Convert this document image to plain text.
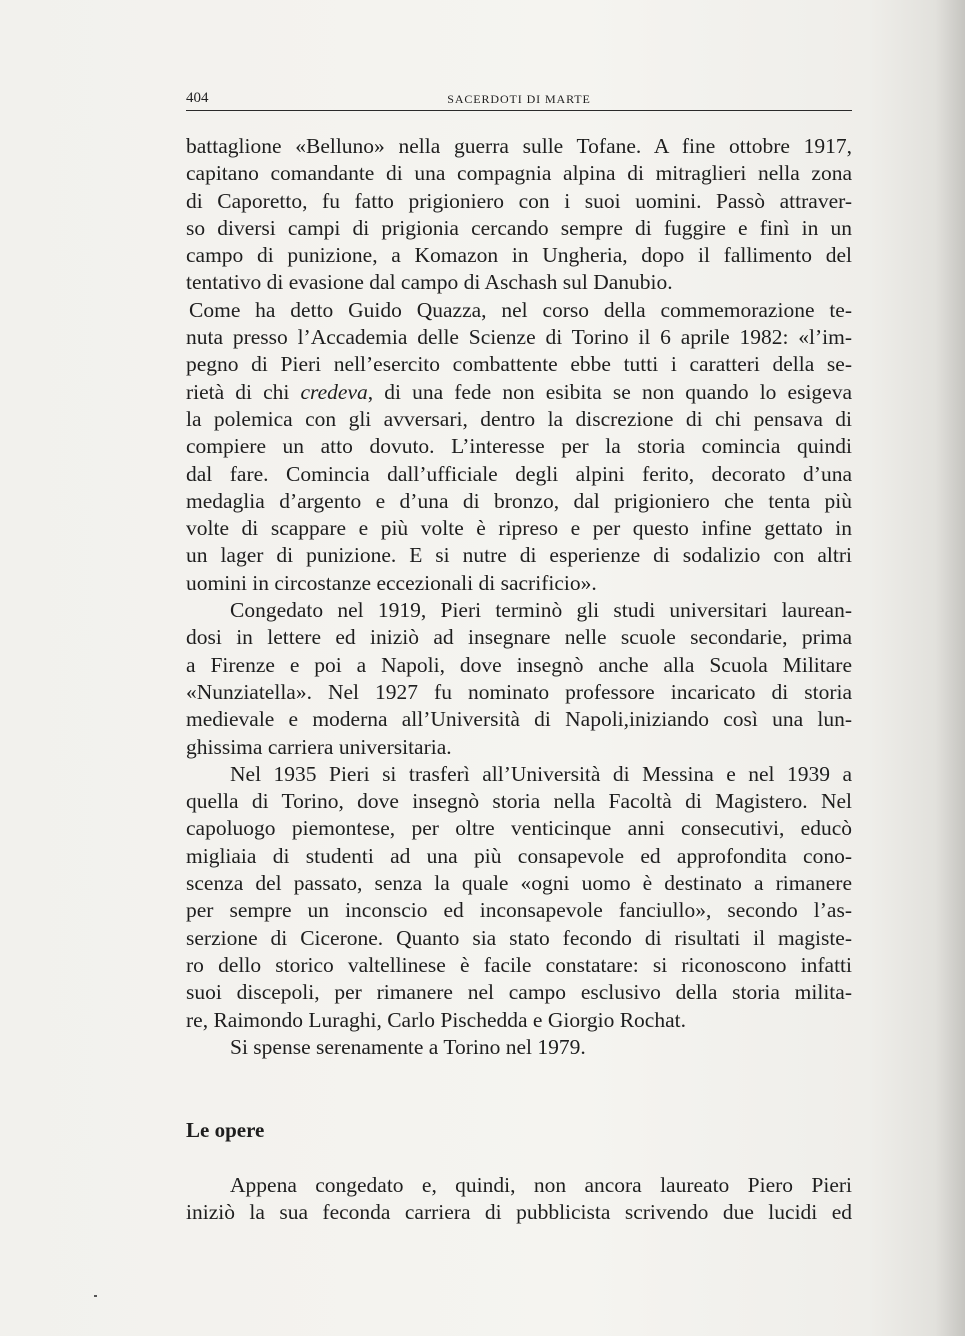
404	SACERDOTI DI MARTE
battaglione «Belluno» nella guerra sulle Tofane. A fine ottobre 1917,
capitano comandante di una compagnia alpina di mitraglieri nella zona
di Caporetto, fu fatto prigioniero con i suoi uomini. Passò attraver-
so diversi campi di prigionia cercando sempre di fuggire e finì in un
campo di punizione, a Komazon in Ungheria, dopo il fallimento del
tentativo di evasione dal campo di Aschash sul Danubio.
Come ha detto Guido Quazza, nel corso della commemorazione te-
nuta presso l’Accademia delle Scienze di Torino il 6 aprile 1982: «l’im-
pegno di Pieri nell’esercito combattente ebbe tutti i caratteri della se-
rietà di chi credeva, di una fede non esibita se non quando lo esigeva
la polemica con gli avversari, dentro la discrezione di chi pensava di
compiere un atto dovuto. L’interesse per la storia comincia quindi
dal fare. Comincia dall’ufficiale degli alpini ferito, decorato d’una
medaglia d’argento e d’una di bronzo, dal prigioniero che tenta più
volte di scappare e più volte è ripreso e per questo infine gettato in
un lager di punizione. E si nutre di esperienze di sodalizio con altri
uomini in circostanze eccezionali di sacrificio».
Congedato nel 1919, Pieri terminò gli studi universitari laurean-
dosi in lettere ed iniziò ad insegnare nelle scuole secondarie, prima
a Firenze e poi a Napoli, dove insegnò anche alla Scuola Militare
«Nunziatella». Nel 1927 fu nominato professore incaricato di storia
medievale e moderna all’Università di Napoli,iniziando così una lun-
ghissima carriera universitaria.
Nel 1935 Pieri si trasferì all’Università di Messina e nel 1939 a
quella di Torino, dove insegnò storia nella Facoltà di Magistero. Nel
capoluogo piemontese, per oltre venticinque anni consecutivi, educò
migliaia di studenti ad una più consapevole ed approfondita cono-
scenza del passato, senza la quale «ogni uomo è destinato a rimanere
per sempre un inconscio ed inconsapevole fanciullo», secondo l’as-
serzione di Cicerone. Quanto sia stato fecondo di risultati il magiste-
ro dello storico valtellinese è facile constatare: si riconoscono infatti
suoi discepoli, per rimanere nel campo esclusivo della storia milita-
re, Raimondo Luraghi, Carlo Pischedda e Giorgio Rochat.
Si spense serenamente a Torino nel 1979.
Le opere
Appena congedato e, quindi, non ancora laureato Piero Pieri
iniziò la sua feconda carriera di pubblicista scrivendo due lucidi ed
